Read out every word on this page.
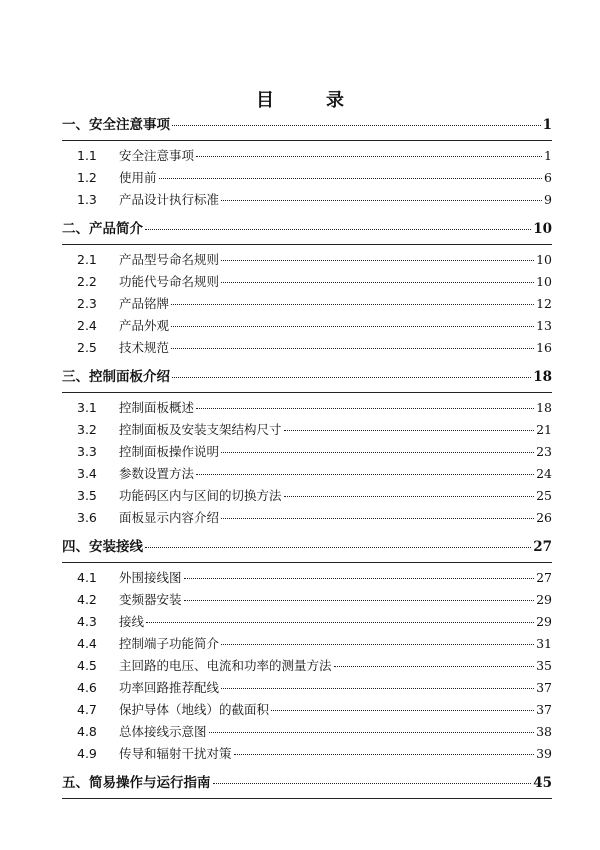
目	录
一、安全注意事项	1
1.1	安全注意事项	1
1.2	使用前	6
1.3	产品设计执行标准	9
二、产品简介	10
2.1	产品型号命名规则	10
2.2	功能代号命名规则	10
2.3	产品铭牌	12
2.4	产品外观	13
2.5	技术规范	16
三、控制面板介绍	18
3.1	控制面板概述	18
3.2	控制面板及安装支架结构尺寸	21
3.3	控制面板操作说明	23
3.4	参数设置方法	24
3.5	功能码区内与区间的切换方法	25
3.6	面板显示内容介绍	26
四、安装接线	27
4.1	外围接线图	27
4.2	变频器安装	29
4.3	接线	29
4.4	控制端子功能简介	31
4.5	主回路的电压、电流和功率的测量方法	35
4.6	功率回路推荐配线	37
4.7	保护导体（地线）的截面积	37
4.8	总体接线示意图	38
4.9	传导和辐射干扰对策	39
五、简易操作与运行指南	45
